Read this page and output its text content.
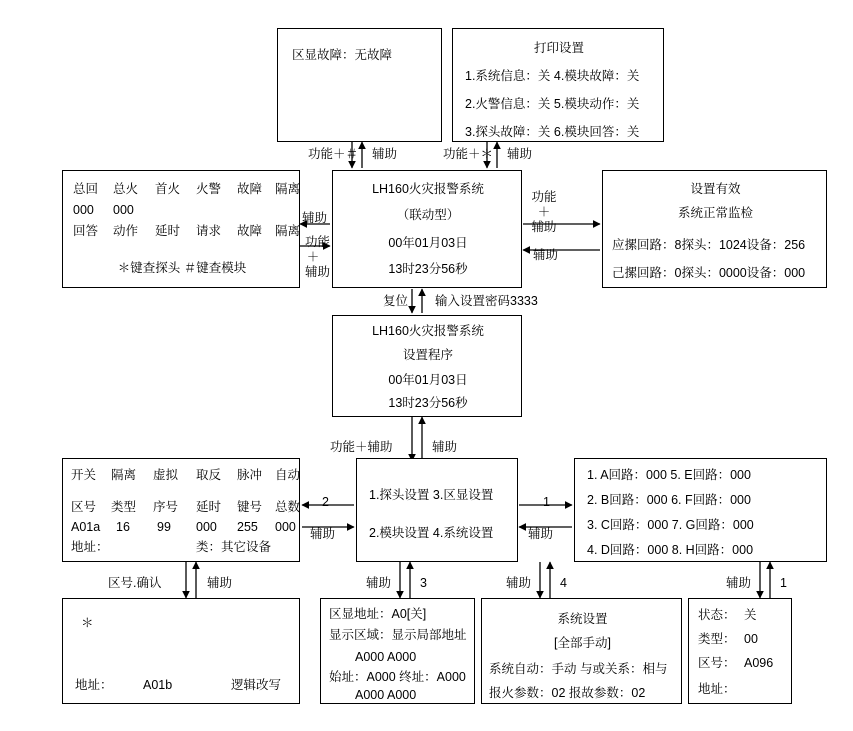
区显故障：无故障	打印设置
1.系统信息：关 4.模块故障：关
2.火警信息：关 5.模块动作：关
3.探头故障：关 6.模块回答：关
功能＋＃ 辅助	功能＋＊ 辅助
总回 总火 首火 火警 故障 隔离
000 000
回答 动作 延时 请求 故障 隔离
＊键查探头 ＃键查模块
LH160火灾报警系统
（联动型）
00年01月03日
13时23分56秒
设置有效
系统正常监检
应摞回路：8探头：1024设备：256
己摞回路：0探头：0000设备：000
辅助
功能
＋
辅助
功能
＋
辅助
辅助
复位 输入设置密码3333
LH160火灾报警系统
设置程序
00年01月03日
13时23分56秒
功能＋辅助	辅助
开关 隔离 虚拟 取反 脉冲 自动
区号 类型 序号 延时 键号 总数
A01a 16 99 000 255 000
地址：	类：其它设备
1.探头设置 3.区显设置
2.模块设置 4.系统设置
1. A回路：000 5. E回路：000
2. B回路：000 6. F回路：000
3. C回路：000 7. G回路：000
4. D回路：000 8. H回路：000
2
辅助
1
辅助
区号.确认	辅助	辅助 3	辅助 4	辅助 1
＊
地址： A01b	逻辑改写
区显地址：A0[关]
显示区域：显示局部地址
A000 A000
始址：A000 终址：A000
A000 A000
系统设置
[全部手动]
系统自动：手动 与或关系：相与
报火参数：02 报故参数：02
状态： 关
类型： 00
区号： A096
地址：
